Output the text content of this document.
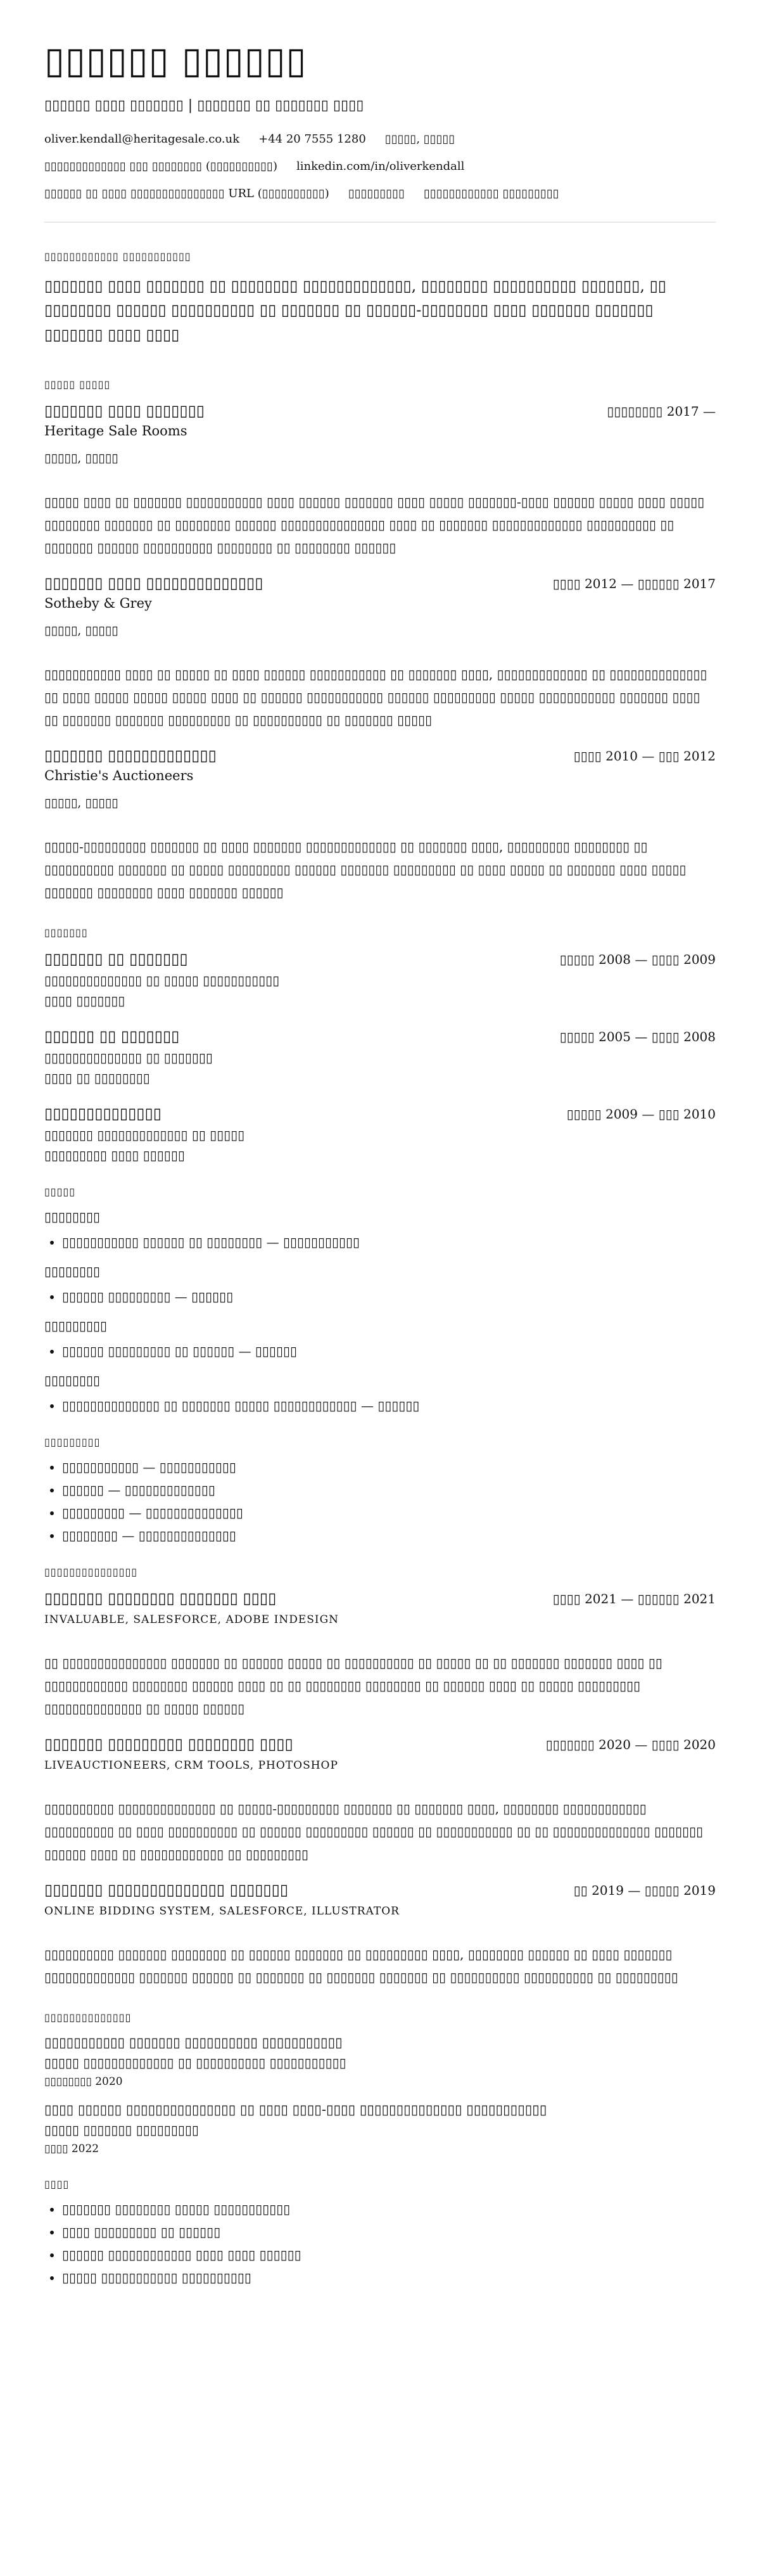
▯▯▯▯▯▯ ▯▯▯▯▯▯
▯▯▯▯▯▯ ▯▯▯▯ ▯▯▯▯▯▯▯ | ▯▯▯▯▯▯▯ ▯▯ ▯▯▯▯▯▯▯ ▯▯▯▯
oliver.kendall@heritagesale.co.uk +44 20 7555 1280 ▯▯▯▯▯, ▯▯▯▯▯
▯▯▯▯▯▯▯▯▯▯▯▯▯ ▯▯▯ ▯▯▯▯▯▯▯▯ (▯▯▯▯▯▯▯▯▯▯) linkedin.com/in/oliverkendall
▯▯▯▯▯▯ ▯▯ ▯▯▯▯ ▯▯▯▯▯▯▯▯▯▯▯▯▯▯▯ URL (▯▯▯▯▯▯▯▯▯▯) ▯▯▯▯▯▯▯▯▯ ▯▯▯▯▯▯▯▯▯▯▯▯ ▯▯▯▯▯▯▯▯▯
▯▯▯▯▯▯▯▯▯▯▯▯ ▯▯▯▯▯▯▯▯▯▯▯
▯▯▯▯▯▯▯ ▯▯▯▯ ▯▯▯▯▯▯▯ ▯▯ ▯▯▯▯▯▯▯▯ ▯▯▯▯▯▯▯▯▯▯▯▯▯, ▯▯▯▯▯▯▯▯ ▯▯▯▯▯▯▯▯▯▯ ▯▯▯▯▯▯▯, ▯▯ ▯▯▯▯▯▯▯▯ ▯▯▯▯▯▯ ▯▯▯▯▯▯▯▯▯▯ ▯▯ ▯▯▯▯▯▯▯ ▯▯ ▯▯▯▯▯▯-▯▯▯▯▯▯▯▯ ▯▯▯▯ ▯▯▯▯▯▯▯ ▯▯▯▯▯▯▯ ▯▯▯▯▯▯▯ ▯▯▯▯ ▯▯▯▯
▯▯▯▯▯ ▯▯▯▯▯
▯▯▯▯▯▯▯ ▯▯▯▯ ▯▯▯▯▯▯▯	▯▯▯▯▯▯▯▯ 2017 —
Heritage Sale Rooms
▯▯▯▯▯, ▯▯▯▯▯
▯▯▯▯▯ ▯▯▯▯ ▯▯ ▯▯▯▯▯▯▯ ▯▯▯▯▯▯▯▯▯▯▯ ▯▯▯▯ ▯▯▯▯▯▯ ▯▯▯▯▯▯▯ ▯▯▯▯ ▯▯▯▯▯ ▯▯▯▯▯▯▯-▯▯▯▯ ▯▯▯▯▯▯ ▯▯▯▯▯ ▯▯▯▯ ▯▯▯▯▯ ▯▯▯▯▯▯▯▯ ▯▯▯▯▯▯▯ ▯▯ ▯▯▯▯▯▯▯▯ ▯▯▯▯▯▯ ▯▯▯▯▯▯▯▯▯▯▯▯▯▯▯ ▯▯▯▯ ▯▯ ▯▯▯▯▯▯▯ ▯▯▯▯▯▯▯▯▯▯▯▯▯ ▯▯▯▯▯▯▯▯▯▯ ▯▯ ▯▯▯▯▯▯▯ ▯▯▯▯▯▯ ▯▯▯▯▯▯▯▯▯▯ ▯▯▯▯▯▯▯▯ ▯▯ ▯▯▯▯▯▯▯▯ ▯▯▯▯▯▯
▯▯▯▯▯▯▯ ▯▯▯▯ ▯▯▯▯▯▯▯▯▯▯▯▯▯▯	▯▯▯▯ 2012 — ▯▯▯▯▯▯ 2017
Sotheby & Grey
▯▯▯▯▯, ▯▯▯▯▯
▯▯▯▯▯▯▯▯▯▯▯ ▯▯▯▯ ▯▯ ▯▯▯▯▯ ▯▯ ▯▯▯▯ ▯▯▯▯▯▯ ▯▯▯▯▯▯▯▯▯▯▯ ▯▯ ▯▯▯▯▯▯▯ ▯▯▯▯, ▯▯▯▯▯▯▯▯▯▯▯▯▯ ▯▯ ▯▯▯▯▯▯▯▯▯▯▯▯▯▯ ▯▯ ▯▯▯▯ ▯▯▯▯▯ ▯▯▯▯▯ ▯▯▯▯▯ ▯▯▯▯ ▯▯ ▯▯▯▯▯▯ ▯▯▯▯▯▯▯▯▯▯▯ ▯▯▯▯▯▯ ▯▯▯▯▯▯▯▯▯ ▯▯▯▯▯ ▯▯▯▯▯▯▯▯▯▯▯ ▯▯▯▯▯▯▯ ▯▯▯▯ ▯▯ ▯▯▯▯▯▯▯ ▯▯▯▯▯▯▯ ▯▯▯▯▯▯▯▯▯ ▯▯ ▯▯▯▯▯▯▯▯▯▯ ▯▯ ▯▯▯▯▯▯▯ ▯▯▯▯▯
▯▯▯▯▯▯▯ ▯▯▯▯▯▯▯▯▯▯▯▯▯	▯▯▯▯ 2010 — ▯▯▯ 2012
Christie's Auctioneers
▯▯▯▯▯, ▯▯▯▯▯
▯▯▯▯▯-▯▯▯▯▯▯▯▯▯ ▯▯▯▯▯▯▯ ▯▯ ▯▯▯▯ ▯▯▯▯▯▯▯ ▯▯▯▯▯▯▯▯▯▯▯▯▯ ▯▯ ▯▯▯▯▯▯▯ ▯▯▯▯, ▯▯▯▯▯▯▯▯▯ ▯▯▯▯▯▯▯▯ ▯▯ ▯▯▯▯▯▯▯▯▯▯ ▯▯▯▯▯▯▯ ▯▯ ▯▯▯▯▯ ▯▯▯▯▯▯▯▯▯ ▯▯▯▯▯▯ ▯▯▯▯▯▯▯ ▯▯▯▯▯▯▯▯▯ ▯▯ ▯▯▯▯ ▯▯▯▯▯ ▯▯ ▯▯▯▯▯▯▯ ▯▯▯▯ ▯▯▯▯▯ ▯▯▯▯▯▯▯ ▯▯▯▯▯▯▯▯ ▯▯▯▯ ▯▯▯▯▯▯▯ ▯▯▯▯▯▯
▯▯▯▯▯▯▯
▯▯▯▯▯▯▯ ▯▯ ▯▯▯▯▯▯▯	▯▯▯▯▯ 2008 — ▯▯▯▯ 2009
▯▯▯▯▯▯▯▯▯▯▯▯▯▯ ▯▯ ▯▯▯▯▯ ▯▯▯▯▯▯▯▯▯▯▯
▯▯▯▯ ▯▯▯▯▯▯▯
▯▯▯▯▯▯ ▯▯ ▯▯▯▯▯▯▯	▯▯▯▯▯ 2005 — ▯▯▯▯ 2008
▯▯▯▯▯▯▯▯▯▯▯▯▯▯ ▯▯ ▯▯▯▯▯▯▯
▯▯▯▯ ▯▯ ▯▯▯▯▯▯▯▯
▯▯▯▯▯▯▯▯▯▯▯▯▯▯	▯▯▯▯▯ 2009 — ▯▯▯ 2010
▯▯▯▯▯▯▯ ▯▯▯▯▯▯▯▯▯▯▯▯▯ ▯▯ ▯▯▯▯▯
▯▯▯▯▯▯▯▯▯ ▯▯▯▯ ▯▯▯▯▯▯
▯▯▯▯▯
▯▯▯▯▯▯▯▯
• ▯▯▯▯▯▯▯▯▯▯▯ ▯▯▯▯▯▯ ▯▯ ▯▯▯▯▯▯▯▯ — ▯▯▯▯▯▯▯▯▯▯▯
▯▯▯▯▯▯▯▯
• ▯▯▯▯▯▯ ▯▯▯▯▯▯▯▯▯ — ▯▯▯▯▯▯
▯▯▯▯▯▯▯▯▯
• ▯▯▯▯▯▯ ▯▯▯▯▯▯▯▯▯ ▯▯ ▯▯▯▯▯▯ — ▯▯▯▯▯▯
▯▯▯▯▯▯▯▯
• ▯▯▯▯▯▯▯▯▯▯▯▯▯▯ ▯▯ ▯▯▯▯▯▯▯ ▯▯▯▯▯ ▯▯▯▯▯▯▯▯▯▯▯▯ — ▯▯▯▯▯▯
▯▯▯▯▯▯▯▯▯
• ▯▯▯▯▯▯▯▯▯▯▯ — ▯▯▯▯▯▯▯▯▯▯▯
• ▯▯▯▯▯▯ — ▯▯▯▯▯▯▯▯▯▯▯▯▯
• ▯▯▯▯▯▯▯▯▯ — ▯▯▯▯▯▯▯▯▯▯▯▯▯▯
• ▯▯▯▯▯▯▯▯ — ▯▯▯▯▯▯▯▯▯▯▯▯▯▯
▯▯▯▯▯▯▯▯▯▯▯▯▯▯▯
▯▯▯▯▯▯▯ ▯▯▯▯▯▯▯▯ ▯▯▯▯▯▯▯ ▯▯▯▯	▯▯▯▯ 2021 — ▯▯▯▯▯▯ 2021
INVALUABLE, SALESFORCE, ADOBE INDESIGN
▯▯ ▯▯▯▯▯▯▯▯▯▯▯▯▯▯▯ ▯▯▯▯▯▯▯ ▯▯ ▯▯▯▯▯▯ ▯▯▯▯▯ ▯▯ ▯▯▯▯▯▯▯▯▯▯ ▯▯ ▯▯▯▯▯ ▯▯ ▯▯ ▯▯▯▯▯▯▯ ▯▯▯▯▯▯▯ ▯▯▯▯ ▯▯ ▯▯▯▯▯▯▯▯▯▯▯▯ ▯▯▯▯▯▯▯▯ ▯▯▯▯▯▯ ▯▯▯▯ ▯▯ ▯▯ ▯▯▯▯▯▯▯▯ ▯▯▯▯▯▯▯▯ ▯▯ ▯▯▯▯▯▯ ▯▯▯▯ ▯▯ ▯▯▯▯▯ ▯▯▯▯▯▯▯▯▯ ▯▯▯▯▯▯▯▯▯▯▯▯▯▯ ▯▯ ▯▯▯▯▯ ▯▯▯▯▯▯
▯▯▯▯▯▯▯ ▯▯▯▯▯▯▯▯▯ ▯▯▯▯▯▯▯▯ ▯▯▯▯	▯▯▯▯▯▯▯ 2020 — ▯▯▯▯ 2020
LIVEAUCTIONEERS, CRM TOOLS, PHOTOSHOP
▯▯▯▯▯▯▯▯▯▯ ▯▯▯▯▯▯▯▯▯▯▯▯▯▯ ▯▯ ▯▯▯▯▯-▯▯▯▯▯▯▯▯▯ ▯▯▯▯▯▯▯ ▯▯ ▯▯▯▯▯▯▯ ▯▯▯▯, ▯▯▯▯▯▯▯▯ ▯▯▯▯▯▯▯▯▯▯▯▯ ▯▯▯▯▯▯▯▯▯▯ ▯▯ ▯▯▯▯ ▯▯▯▯▯▯▯▯▯▯ ▯▯ ▯▯▯▯▯▯ ▯▯▯▯▯▯▯▯▯ ▯▯▯▯▯▯ ▯▯ ▯▯▯▯▯▯▯▯▯▯▯ ▯▯ ▯▯ ▯▯▯▯▯▯▯▯▯▯▯▯▯▯ ▯▯▯▯▯▯▯ ▯▯▯▯▯▯ ▯▯▯▯ ▯▯ ▯▯▯▯▯▯▯▯▯▯▯▯ ▯▯ ▯▯▯▯▯▯▯▯▯
▯▯▯▯▯▯▯ ▯▯▯▯▯▯▯▯▯▯▯▯▯▯ ▯▯▯▯▯▯▯	▯▯ 2019 — ▯▯▯▯▯ 2019
ONLINE BIDDING SYSTEM, SALESFORCE, ILLUSTRATOR
▯▯▯▯▯▯▯▯▯▯ ▯▯▯▯▯▯▯ ▯▯▯▯▯▯▯▯ ▯▯ ▯▯▯▯▯▯ ▯▯▯▯▯▯▯ ▯▯ ▯▯▯▯▯▯▯▯▯ ▯▯▯▯, ▯▯▯▯▯▯▯▯ ▯▯▯▯▯▯ ▯▯ ▯▯▯▯ ▯▯▯▯▯▯▯ ▯▯▯▯▯▯▯▯▯▯▯▯▯ ▯▯▯▯▯▯▯ ▯▯▯▯▯▯ ▯▯ ▯▯▯▯▯▯▯ ▯▯ ▯▯▯▯▯▯▯ ▯▯▯▯▯▯▯ ▯▯ ▯▯▯▯▯▯▯▯▯▯ ▯▯▯▯▯▯▯▯▯▯ ▯▯ ▯▯▯▯▯▯▯▯▯
▯▯▯▯▯▯▯▯▯▯▯▯▯▯
▯▯▯▯▯▯▯▯▯▯▯ ▯▯▯▯▯▯▯ ▯▯▯▯▯▯▯▯▯▯ ▯▯▯▯▯▯▯▯▯▯▯
▯▯▯▯▯ ▯▯▯▯▯▯▯▯▯▯▯▯▯ ▯▯ ▯▯▯▯▯▯▯▯▯▯ ▯▯▯▯▯▯▯▯▯▯▯
▯▯▯▯▯▯▯▯ 2020
▯▯▯▯ ▯▯▯▯▯▯ ▯▯▯▯▯▯▯▯▯▯▯▯▯▯▯ ▯▯ ▯▯▯▯ ▯▯▯▯-▯▯▯▯ ▯▯▯▯▯▯▯▯▯▯▯▯▯▯ ▯▯▯▯▯▯▯▯▯▯▯
▯▯▯▯▯ ▯▯▯▯▯▯▯ ▯▯▯▯▯▯▯▯▯
▯▯▯▯ 2022
▯▯▯▯
• ▯▯▯▯▯▯▯ ▯▯▯▯▯▯▯▯ ▯▯▯▯▯ ▯▯▯▯▯▯▯▯▯▯▯
• ▯▯▯▯ ▯▯▯▯▯▯▯▯▯ ▯▯ ▯▯▯▯▯▯
• ▯▯▯▯▯▯ ▯▯▯▯▯▯▯▯▯▯▯▯ ▯▯▯▯ ▯▯▯▯ ▯▯▯▯▯▯
• ▯▯▯▯▯ ▯▯▯▯▯▯▯▯▯▯▯ ▯▯▯▯▯▯▯▯▯▯
